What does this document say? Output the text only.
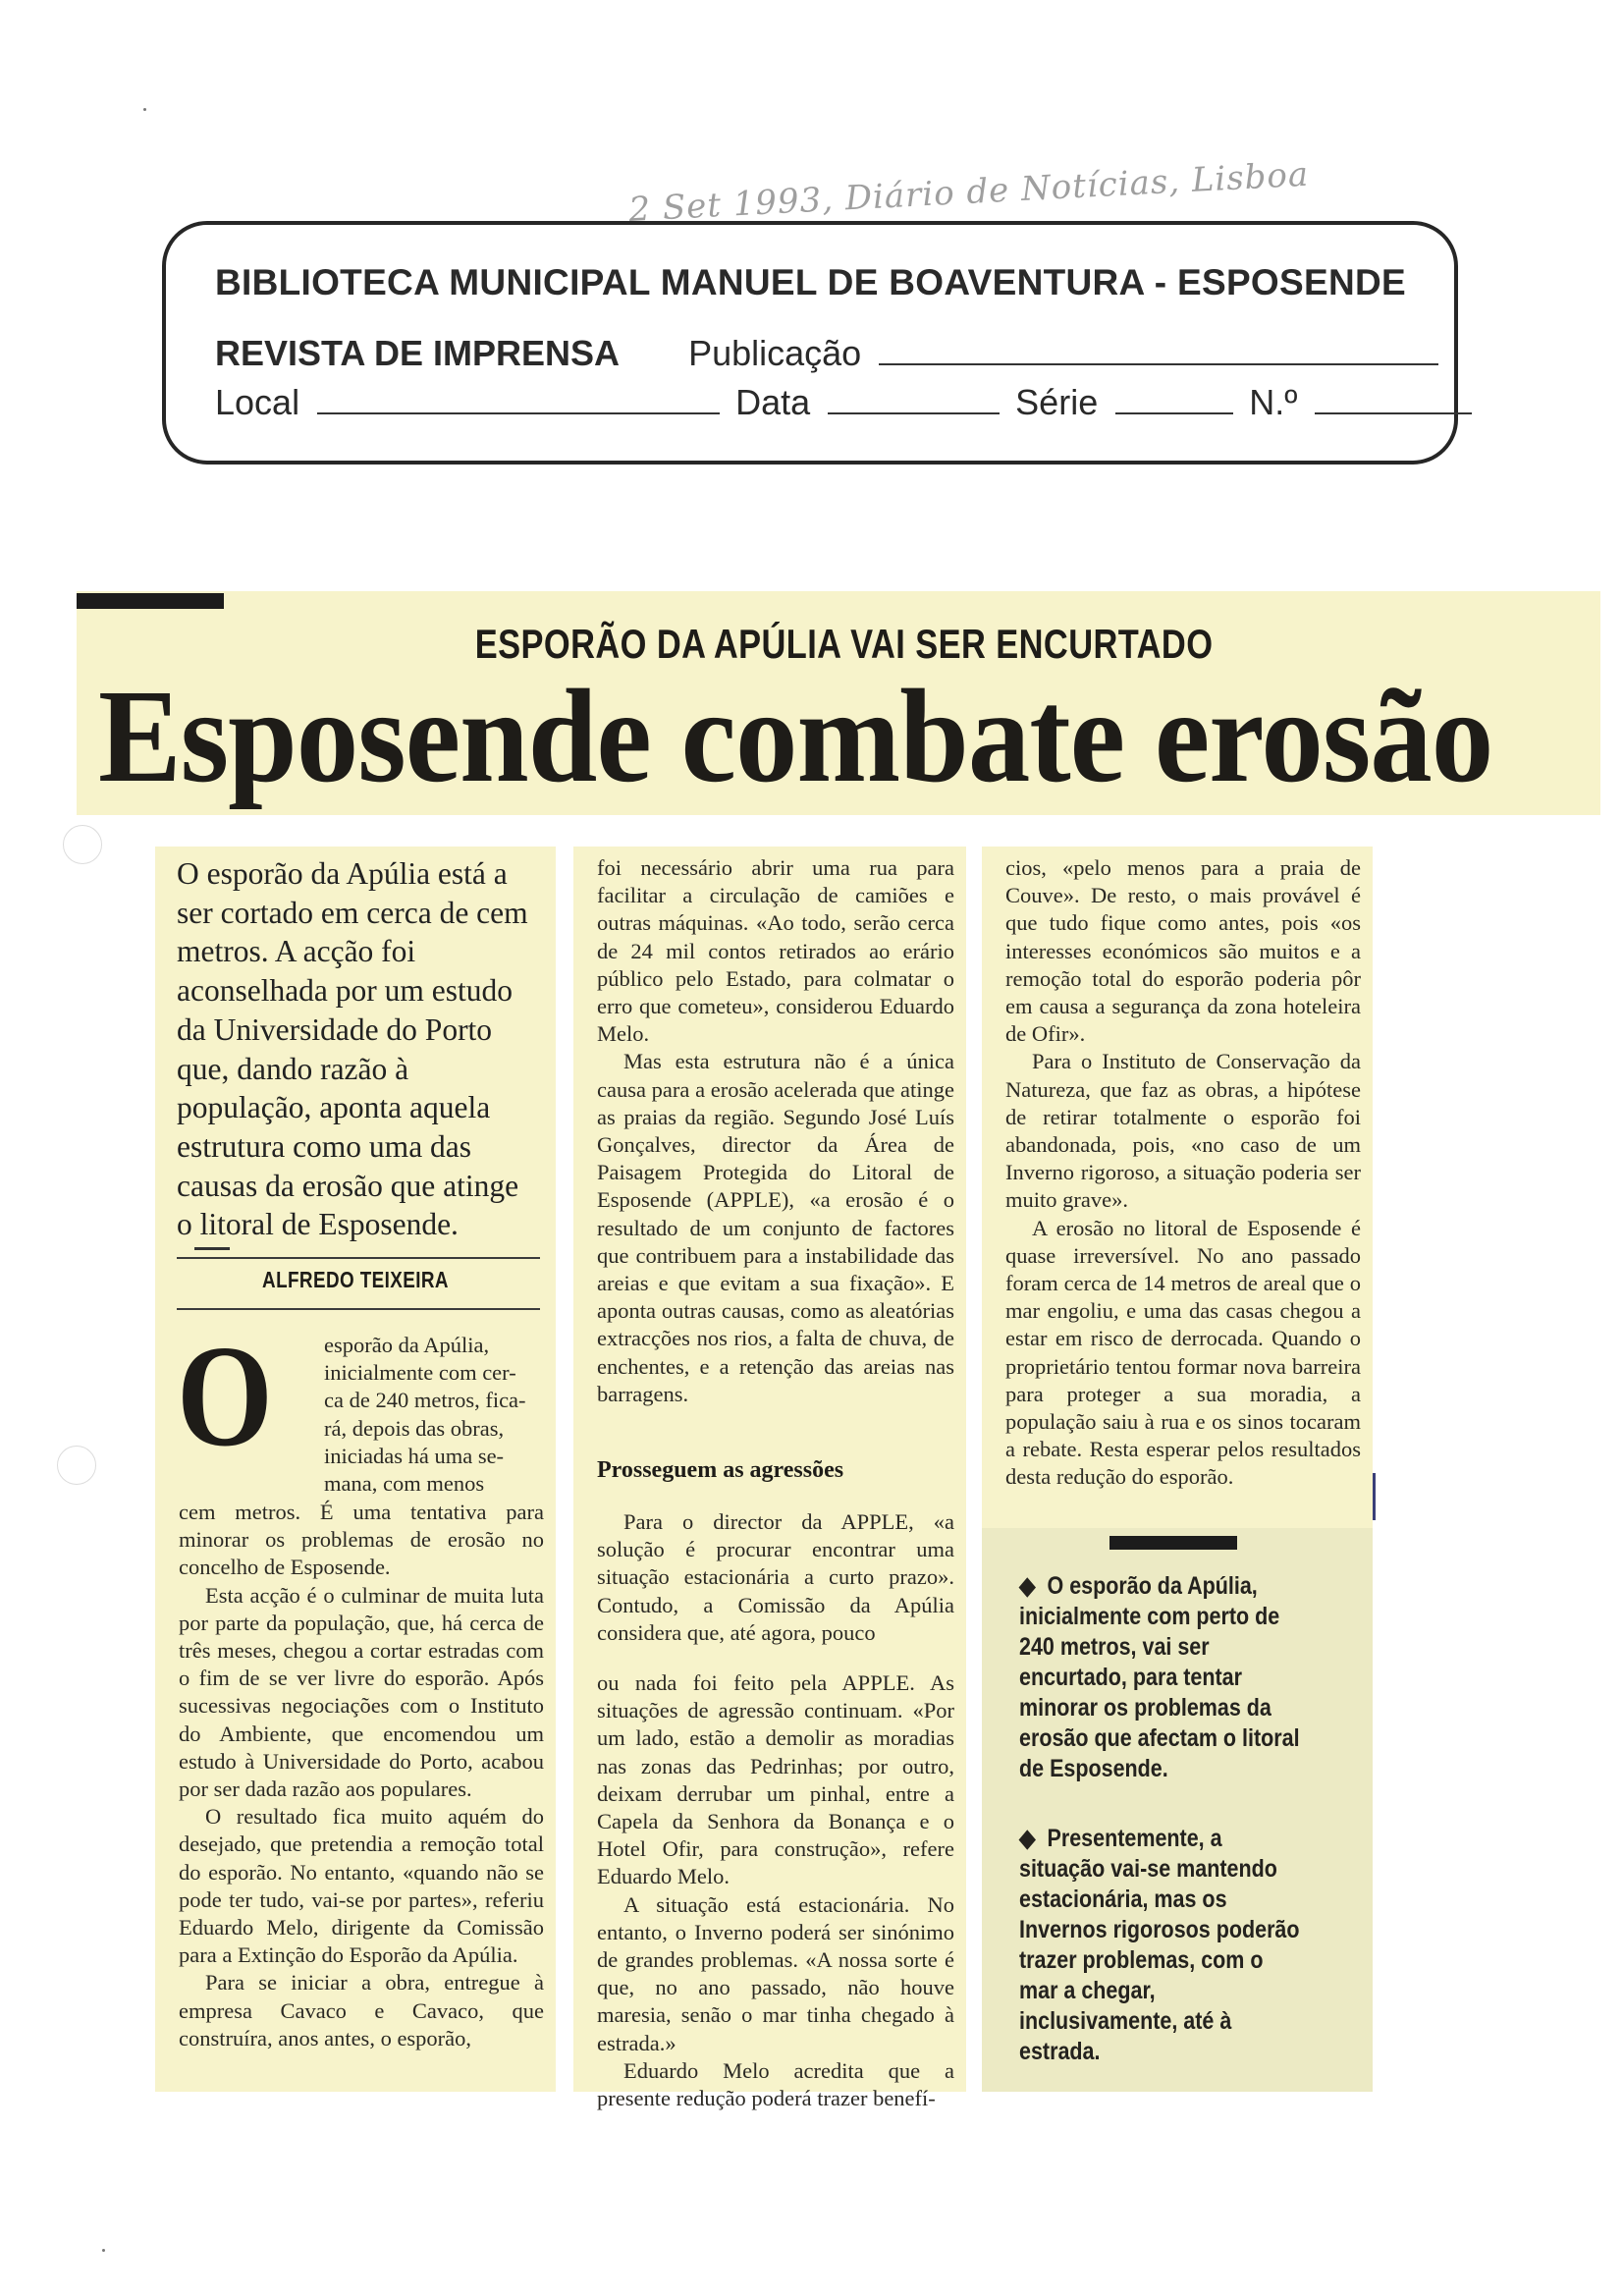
2 Set 1993, Diário de Notícias, Lisboa
BIBLIOTECA MUNICIPAL MANUEL DE BOAVENTURA - ESPOSENDE
REVISTA DE IMPRENSA Publicação
Local	Data	Série	N.º
ESPORÃO DA APÚLIA VAI SER ENCURTADO
Esposende combate erosão
O esporão da Apúlia está a ser cortado em cerca de cem metros. A acção foi aconselhada por um estudo da Universidade do Porto que, dando razão à população, aponta aquela estrutura como uma das causas da erosão que atinge o litoral de Esposende.
ALFREDO TEIXEIRA
O esporão da Apúlia,
inicialmente com cer-
ca de 240 metros, fica-
rá, depois das obras,
iniciadas há uma se-
mana, com menos

cem metros. É uma tentativa para minorar os problemas de erosão no concelho de Esposende.

Esta acção é o culminar de muita luta por parte da população, que, há cerca de três meses, chegou a cortar estradas com o fim de se ver livre do esporão. Após sucessivas negociações com o Instituto do Ambiente, que encomendou um estudo à Universidade do Porto, acabou por ser dada razão aos populares.

O resultado fica muito aquém do desejado, que pretendia a remoção total do esporão. No entanto, «quando não se pode ter tudo, vai-se por partes», referiu Eduardo Melo, dirigente da Comissão para a Extinção do Esporão da Apúlia.

Para se iniciar a obra, entregue à empresa Cavaco e Cavaco, que construíra, anos antes, o esporão,

foi necessário abrir uma rua para facilitar a circulação de camiões e outras máquinas. «Ao todo, serão cerca de 24 mil contos retirados ao erário público pelo Estado, para colmatar o erro que cometeu», considerou Eduardo Melo.

Mas esta estrutura não é a única causa para a erosão acelerada que atinge as praias da região. Segundo José Luís Gonçalves, director da Área de Paisagem Protegida do Litoral de Esposende (APPLE), «a erosão é o resultado de um conjunto de factores que contribuem para a instabilidade das areias e que evitam a sua fixação». E aponta outras causas, como as aleatórias extracções nos rios, a falta de chuva, de enchentes, e a retenção das areias nas barragens.

Prosseguem as agressões

Para o director da APPLE, «a solução é procurar encontrar uma situação estacionária a curto prazo». Contudo, a Comissão da Apúlia considera que, até agora, pouco

ou nada foi feito pela APPLE. As situações de agressão continuam. «Por um lado, estão a demolir as moradias nas zonas das Pedrinhas; por outro, deixam derrubar um pinhal, entre a Capela da Senhora da Bonança e o Hotel Ofir, para construção», refere Eduardo Melo.

A situação está estacionária. No entanto, o Inverno poderá ser sinónimo de grandes problemas. «A nossa sorte é que, no ano passado, não houve maresia, senão o mar tinha chegado à estrada.»

Eduardo Melo acredita que a presente redução poderá trazer benefí-

cios, «pelo menos para a praia de Couve». De resto, o mais provável é que tudo fique como antes, pois «os interesses económicos são muitos e a remoção total do esporão poderia pôr em causa a segurança da zona hoteleira de Ofir».

Para o Instituto de Conservação da Natureza, que faz as obras, a hipótese de retirar totalmente o esporão foi abandonada, pois, «no caso de um Inverno rigoroso, a situação poderia ser muito grave».

A erosão no litoral de Esposende é quase irreversível. No ano passado foram cerca de 14 metros de areal que o mar engoliu, e uma das casas chegou a estar em risco de derrocada. Quando o proprietário tentou formar nova barreira para proteger a sua moradia, a população saiu à rua e os sinos tocaram a rebate. Resta esperar pelos resultados desta redução do esporão.

◆ O esporão da Apúlia,
inicialmente com perto de
240 metros, vai ser
encurtado, para tentar
minorar os problemas da
erosão que afectam o litoral
de Esposende.
◆ Presentemente, a
situação vai-se mantendo
estacionária, mas os
Invernos rigorosos poderão
trazer problemas, com o
mar a chegar,
inclusivamente, até à
estrada.
